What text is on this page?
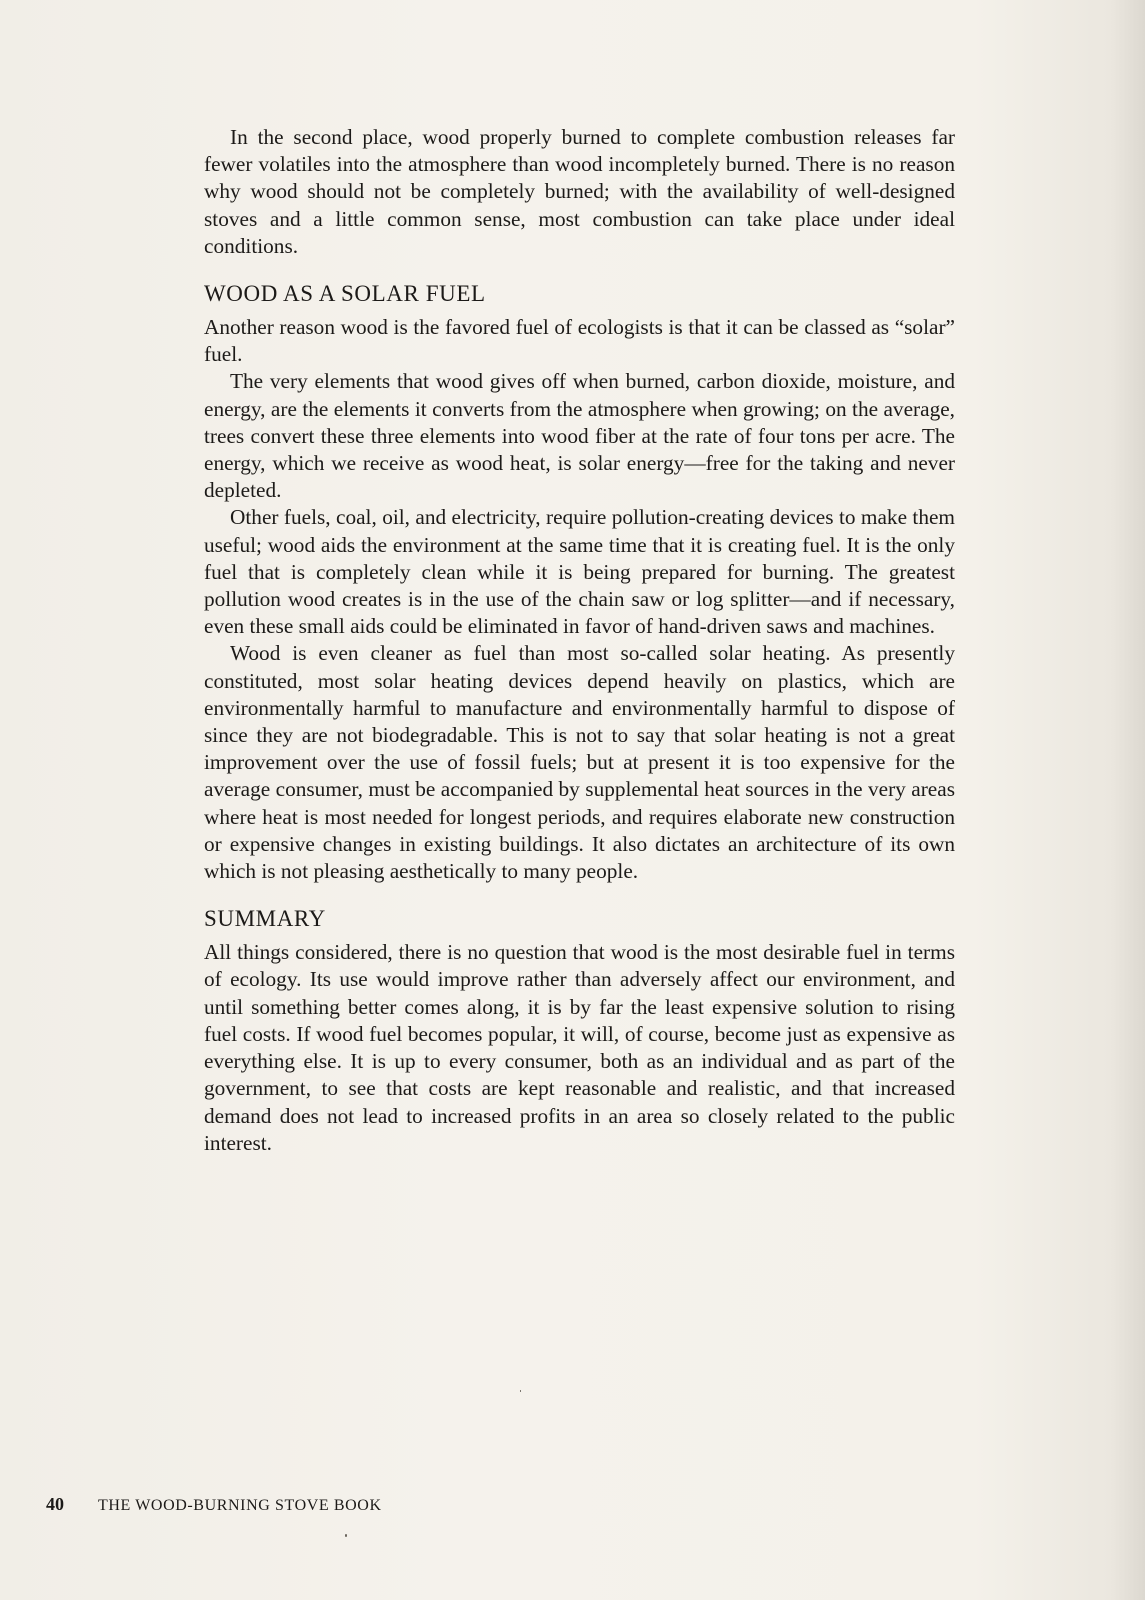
In the second place, wood properly burned to complete combustion releases far fewer volatiles into the atmosphere than wood incompletely burned. There is no reason why wood should not be completely burned; with the availability of well-designed stoves and a little common sense, most combustion can take place under ideal conditions.

WOOD AS A SOLAR FUEL

Another reason wood is the favored fuel of ecologists is that it can be classed as “solar” fuel.

The very elements that wood gives off when burned, carbon dioxide, moisture, and energy, are the elements it converts from the atmosphere when growing; on the average, trees convert these three elements into wood fiber at the rate of four tons per acre. The energy, which we receive as wood heat, is solar energy—free for the taking and never depleted.

Other fuels, coal, oil, and electricity, require pollution-creating devices to make them useful; wood aids the environment at the same time that it is creating fuel. It is the only fuel that is completely clean while it is being prepared for burning. The greatest pollution wood creates is in the use of the chain saw or log splitter—and if necessary, even these small aids could be eliminated in favor of hand-driven saws and machines.

Wood is even cleaner as fuel than most so-called solar heating. As presently constituted, most solar heating devices depend heavily on plastics, which are environmentally harmful to manufacture and environmentally harmful to dispose of since they are not biodegradable. This is not to say that solar heating is not a great improvement over the use of fossil fuels; but at present it is too expensive for the average consumer, must be accompanied by supplemental heat sources in the very areas where heat is most needed for longest periods, and requires elaborate new construction or expensive changes in existing buildings. It also dictates an architecture of its own which is not pleasing aesthetically to many people.

SUMMARY

All things considered, there is no question that wood is the most desirable fuel in terms of ecology. Its use would improve rather than adversely affect our environment, and until something better comes along, it is by far the least expensive solution to rising fuel costs. If wood fuel becomes popular, it will, of course, become just as expensive as everything else. It is up to every consumer, both as an individual and as part of the government, to see that costs are kept reasonable and realistic, and that increased demand does not lead to increased profits in an area so closely related to the public interest.

40 THE WOOD-BURNING STOVE BOOK
